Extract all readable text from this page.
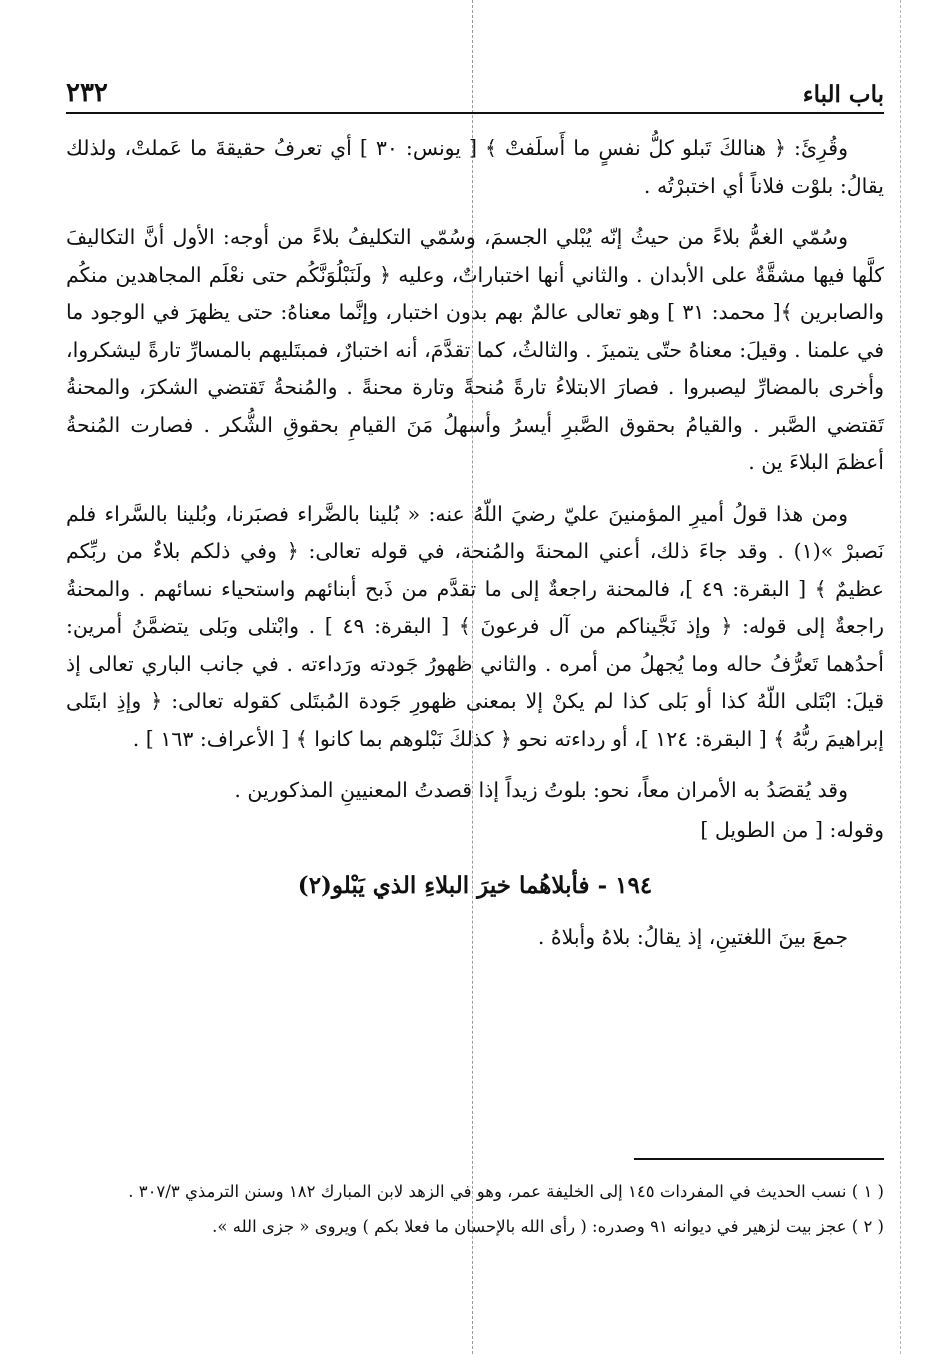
باب الباء
٢٣٢

وقُرِئَ: ﴿ هنالكَ تَبلو كلُّ نفسٍ ما أَسلَفتْ ﴾ [ يونس: ٣٠ ] أي تعرفُ حقيقةَ ما عَملتْ، ولذلك يقالُ: بلوْت فلاناً أي اختبرْتُه .

وسُمّي الغمُّ بلاءً من حيثُ إنّه يُبْلي الجسمَ، وسُمّي التكليفُ بلاءً من أوجه: الأول أنَّ التكاليفَ كلَّها فيها مشقَّةٌ على الأبدان . والثاني أنها اختباراتٌ، وعليه ﴿ ولَنَبْلُوَنَّكُم حتى نعْلَم المجاهدين منكُم والصابرين ﴾[ محمد: ٣١ ] وهو تعالى عالمٌ بهم بدون اختبار، وإنَّما معناهُ: حتى يظهرَ في الوجود ما في علمنا . وقيلَ: معناهُ حتّى يتميزَ . والثالثُ، كما تقدَّمَ، أنه اختبارٌ، فمبتَليهم بالمسارِّ تارةً ليشكروا، وأخرى بالمضارِّ ليصبروا . فصارَ الابتلاءُ تارةً مُنحةً وتارة محنةً . والمُنحةُ تَقتضي الشكرَ، والمحنةُ تَقتضي الصَّبر . والقيامُ بحقوق الصَّبرِ أيسرُ وأسهلُ مَنَ القيامِ بحقوقِ الشُّكر . فصارت المُنحةُ أعظمَ البلاءَ ين .

ومن هذا قولُ أميرِ المؤمنينَ عليّ رضيَ اللّهُ عنه: « بُلينا بالضَّراء فصبَرنا، وبُلينا بالسَّراء فلم نَصبرْ »(١) . وقد جاءَ ذلك، أعني المحنةَ والمُنحة، في قوله تعالى: ﴿ وفي ذلكم بلاءٌ من ربِّكم عظيمٌ ﴾ [ البقرة: ٤٩ ]، فالمحنة راجعةٌ إلى ما تقدَّم من ذَبح أبنائهم واستحياء نسائهم . والمحنةُ راجعةٌ إلى قوله: ﴿ وإذ نَجَّيناكم من آل فرعونَ ﴾ [ البقرة: ٤٩ ] . وابْتلى وبَلى يتضمَّنُ أمرين: أحدُهما تَعرُّفُ حاله وما يُجهلُ من أمره . والثاني ظهورُ جَودته ورَداءته . في جانب الباري تعالى إذ قيلَ: ابْتَلى اللّهُ كذا أو بَلى كذا لم يكنْ إلا بمعنى ظهورِ جَودة المُبتَلى كقوله تعالى: ﴿ وإذِ ابتَلى إبراهيمَ ربُّهُ ﴾ [ البقرة: ١٢٤ ]، أو رداءته نحو ﴿ كذلكَ نَبْلوهم بما كانوا ﴾ [ الأعراف: ١٦٣ ] .

وقد يُقصَدُ به الأمران معاً، نحو: بلوتُ زيداً إذا قصدتُ المعنيينِ المذكورين .

وقوله: [ من الطويل ]

١٩٤ - فأبلاهُما خيرَ البلاءِ الذي يَبْلو(٢)

جمعَ بينَ اللغتينِ، إذ يقالُ: بلاهُ وأبلاهُ .

( ١ ) نسب الحديث في المفردات ١٤٥ إلى الخليفة عمر، وهو في الزهد لابن المبارك ١٨٢ وسنن الترمذي ٣٠٧/٣ .

( ٢ ) عجز بيت لزهير في ديوانه ٩١ وصدره: ( رأى الله بالإحسان ما فعلا بكم ) ويروى « جزى الله ».
